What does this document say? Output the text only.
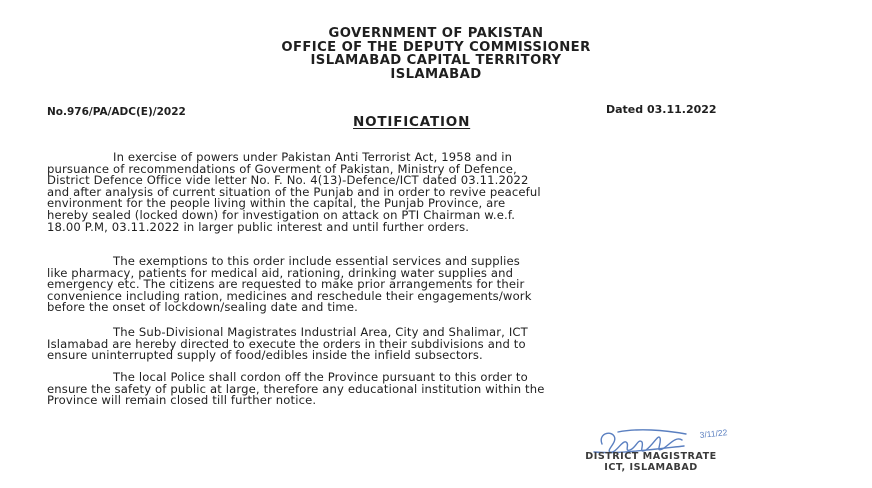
GOVERNMENT OF PAKISTAN
OFFICE OF THE DEPUTY COMMISSIONER
ISLAMABAD CAPITAL TERRITORY
ISLAMABAD
No.976/PA/ADC(E)/2022	Dated 03.11.2022
NOTIFICATION
In exercise of powers under Pakistan Anti Terrorist Act, 1958 and in
pursuance of recommendations of Goverment of Pakistan, Ministry of Defence,
District Defence Office vide letter No. F. No. 4(13)-Defence/ICT dated 03.11.2022
and after analysis of current situation of the Punjab and in order to revive peaceful
environment for the people living within the capital, the Punjab Province, are
hereby sealed (locked down) for investigation on attack on PTI Chairman w.e.f.
18.00 P.M, 03.11.2022 in larger public interest and until further orders.
The exemptions to this order include essential services and supplies
like pharmacy, patients for medical aid, rationing, drinking water supplies and
emergency etc. The citizens are requested to make prior arrangements for their
convenience including ration, medicines and reschedule their engagements/work
before the onset of lockdown/sealing date and time.
The Sub-Divisional Magistrates Industrial Area, City and Shalimar, ICT
Islamabad are hereby directed to execute the orders in their subdivisions and to
ensure uninterrupted supply of food/edibles inside the infield subsectors.
The local Police shall cordon off the Province pursuant to this order to
ensure the safety of public at large, therefore any educational institution within the
Province will remain closed till further notice.
3/11/22
DISTRICT MAGISTRATE
ICT, ISLAMABAD
